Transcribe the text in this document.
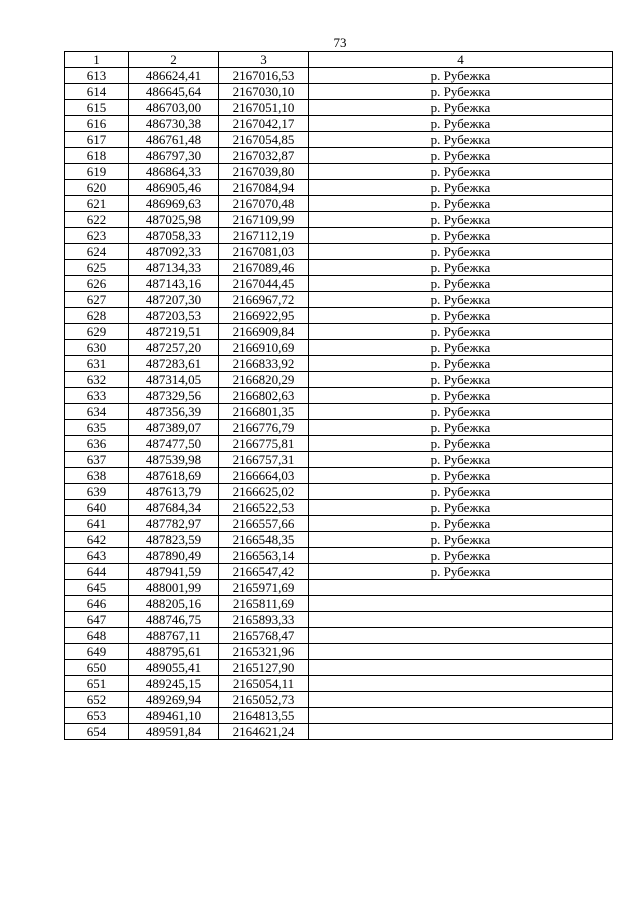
73
1	2	3	4
613	486624,41	2167016,53	р. Рубежка
614	486645,64	2167030,10	р. Рубежка
615	486703,00	2167051,10	р. Рубежка
616	486730,38	2167042,17	р. Рубежка
617	486761,48	2167054,85	р. Рубежка
618	486797,30	2167032,87	р. Рубежка
619	486864,33	2167039,80	р. Рубежка
620	486905,46	2167084,94	р. Рубежка
621	486969,63	2167070,48	р. Рубежка
622	487025,98	2167109,99	р. Рубежка
623	487058,33	2167112,19	р. Рубежка
624	487092,33	2167081,03	р. Рубежка
625	487134,33	2167089,46	р. Рубежка
626	487143,16	2167044,45	р. Рубежка
627	487207,30	2166967,72	р. Рубежка
628	487203,53	2166922,95	р. Рубежка
629	487219,51	2166909,84	р. Рубежка
630	487257,20	2166910,69	р. Рубежка
631	487283,61	2166833,92	р. Рубежка
632	487314,05	2166820,29	р. Рубежка
633	487329,56	2166802,63	р. Рубежка
634	487356,39	2166801,35	р. Рубежка
635	487389,07	2166776,79	р. Рубежка
636	487477,50	2166775,81	р. Рубежка
637	487539,98	2166757,31	р. Рубежка
638	487618,69	2166664,03	р. Рубежка
639	487613,79	2166625,02	р. Рубежка
640	487684,34	2166522,53	р. Рубежка
641	487782,97	2166557,66	р. Рубежка
642	487823,59	2166548,35	р. Рубежка
643	487890,49	2166563,14	р. Рубежка
644	487941,59	2166547,42	р. Рубежка
645	488001,99	2165971,69	
646	488205,16	2165811,69	
647	488746,75	2165893,33	
648	488767,11	2165768,47	
649	488795,61	2165321,96	
650	489055,41	2165127,90	
651	489245,15	2165054,11	
652	489269,94	2165052,73	
653	489461,10	2164813,55	
654	489591,84	2164621,24	
